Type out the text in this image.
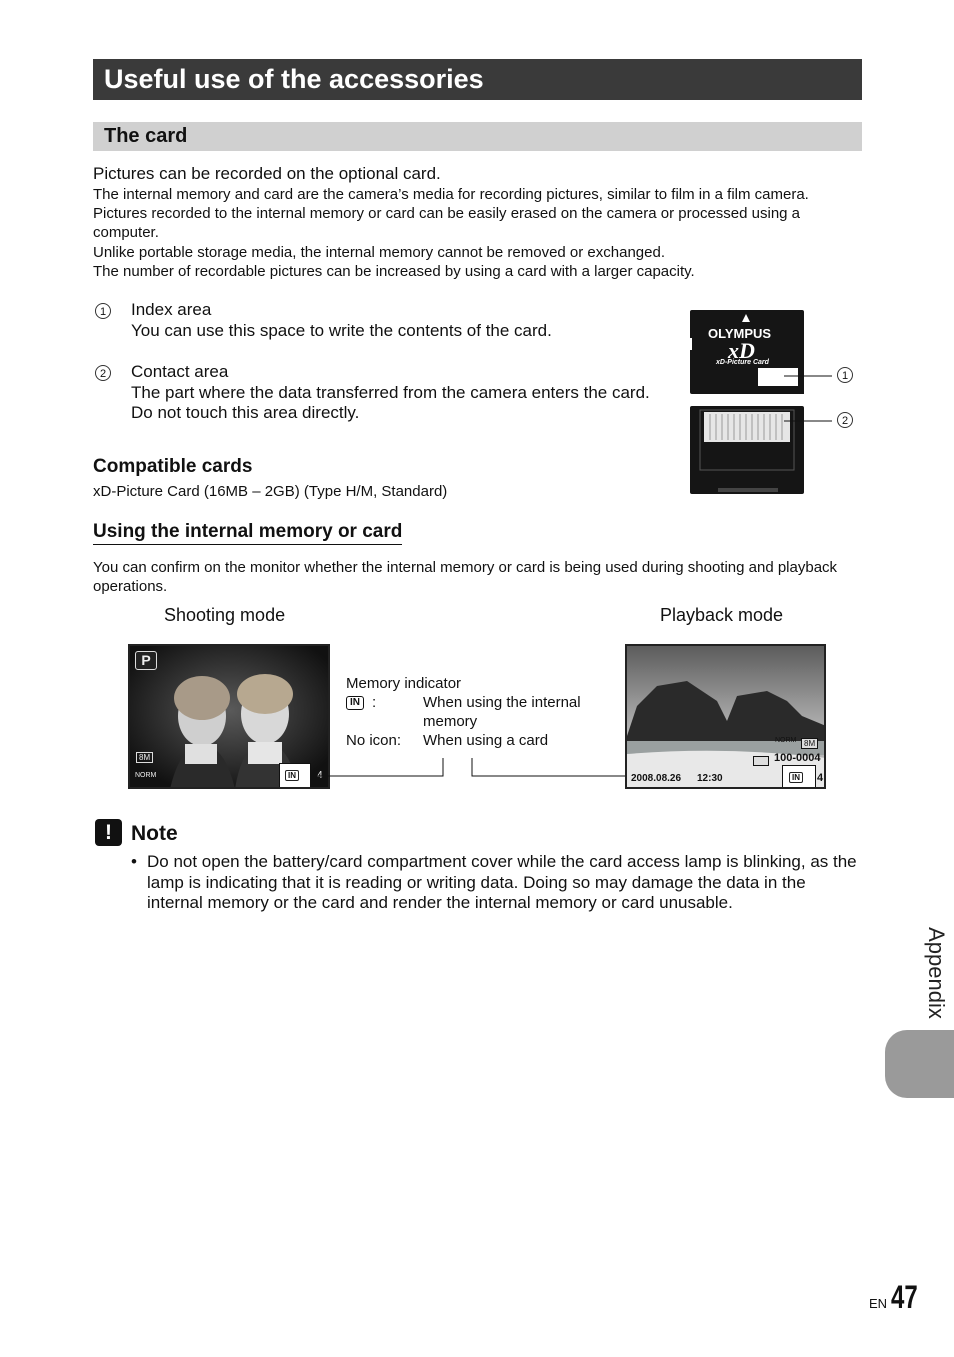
Useful use of the accessories
The card
Pictures can be recorded on the optional card.
The internal memory and card are the camera’s media for recording pictures, similar to film in a film camera.
Pictures recorded to the internal memory or card can be easily erased on the camera or processed using a computer.
Unlike portable storage media, the internal memory cannot be removed or exchanged.
The number of recordable pictures can be increased by using a card with a larger capacity.
1 Index area
You can use this space to write the contents of the card.
2 Contact area
The part where the data transferred from the camera enters the card.
Do not touch this area directly.
OLYMPUS
xD
xD-Picture Card
1
2
Compatible cards
xD-Picture Card (16MB – 2GB) (Type H/M, Standard)
Using the internal memory or card
You can confirm on the monitor whether the internal memory or card is being used during shooting and playback operations.
Shooting mode	Playback mode
P
8M
NORM	IN	4
Memory indicator
IN :	When using the internal
memory
No icon: When using a card	NORM 8M
100-0004
2008.08.26 12:30	IN 4
! Note
• Do not open the battery/card compartment cover while the card access lamp is blinking, as the lamp is indicating that it is reading or writing data. Doing so may damage the data in the internal memory or the card and render the internal memory or card unusable.
Appendix
EN 47
